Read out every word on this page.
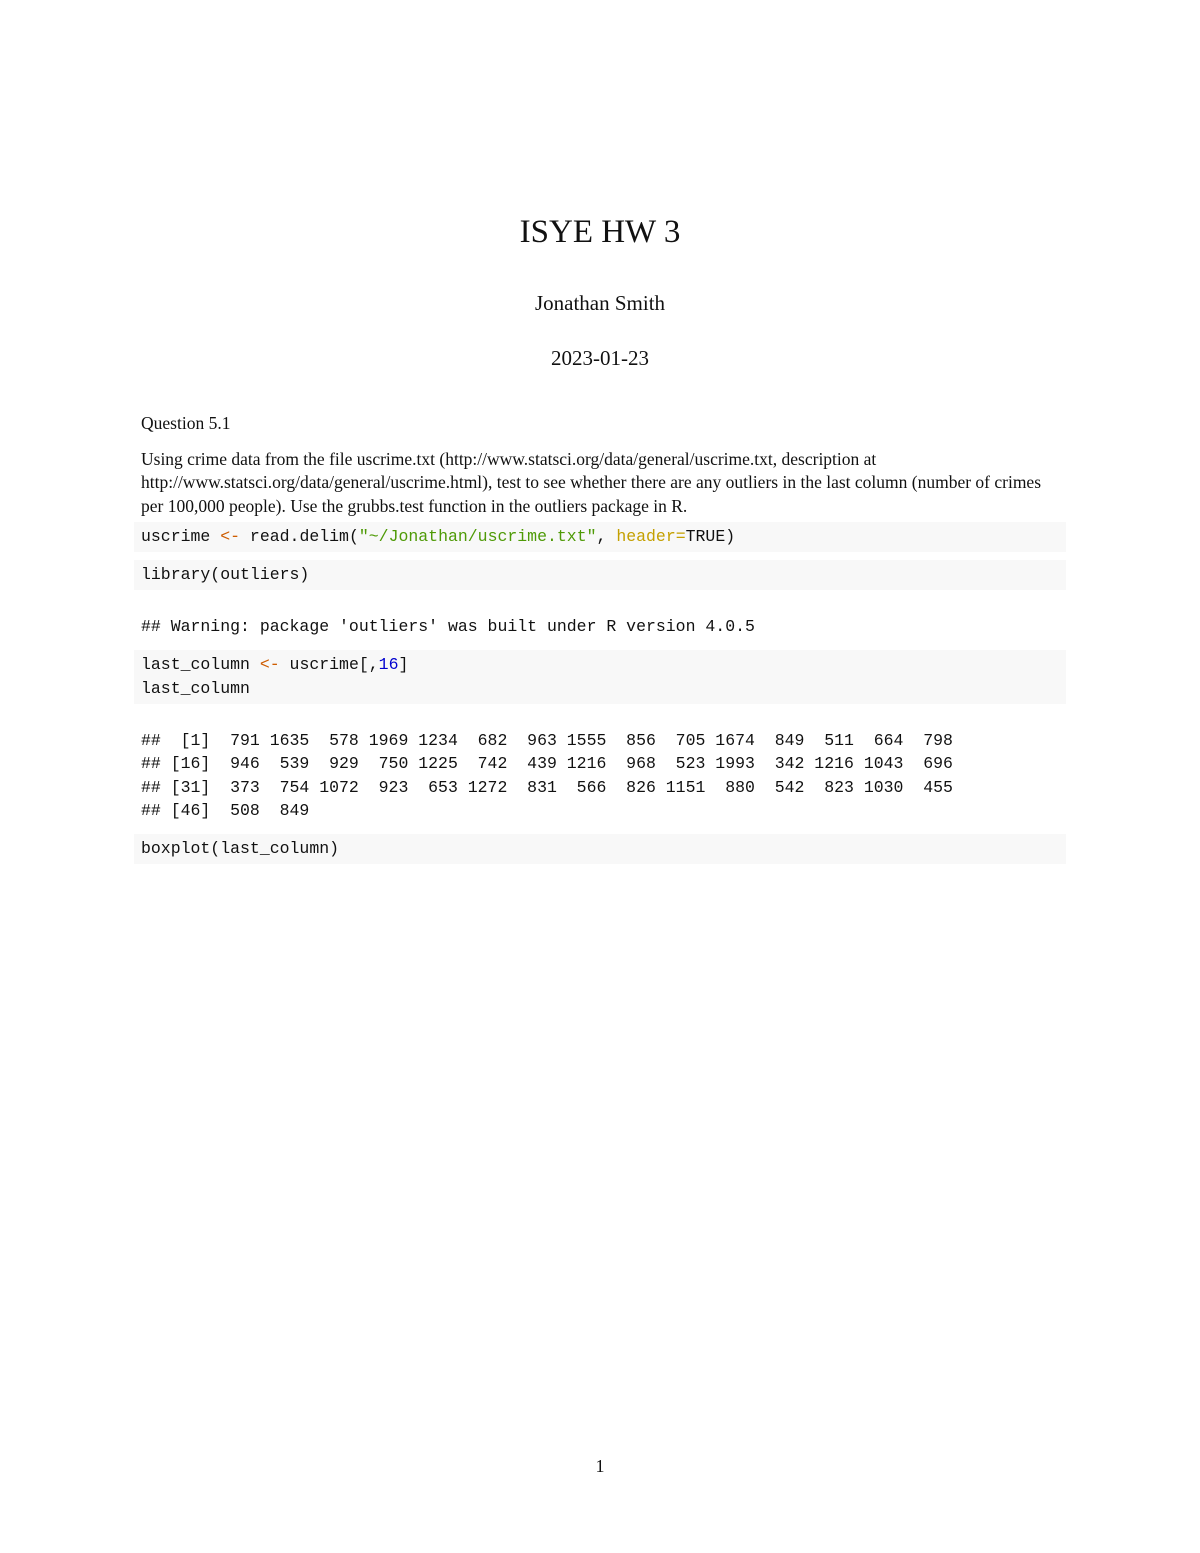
ISYE HW 3
Jonathan Smith
2023-01-23

Question 5.1

Using crime data from the file uscrime.txt (http://www.statsci.org/data/general/uscrime.txt, description at http://www.statsci.org/data/general/uscrime.html), test to see whether there are any outliers in the last column (number of crimes per 100,000 people). Use the grubbs.test function in the outliers package in R.

uscrime <- read.delim("~/Jonathan/uscrime.txt", header=TRUE)
library(outliers)
## Warning: package 'outliers' was built under R version 4.0.5
last_column <- uscrime[,16]
last_column
##  [1]  791 1635  578 1969 1234  682  963 1555  856  705 1674  849  511  664  798
## [16]  946  539  929  750 1225  742  439 1216  968  523 1993  342 1216 1043  696
## [31]  373  754 1072  923  653 1272  831  566  826 1151  880  542  823 1030  455
## [46]  508  849
boxplot(last_column)
1
